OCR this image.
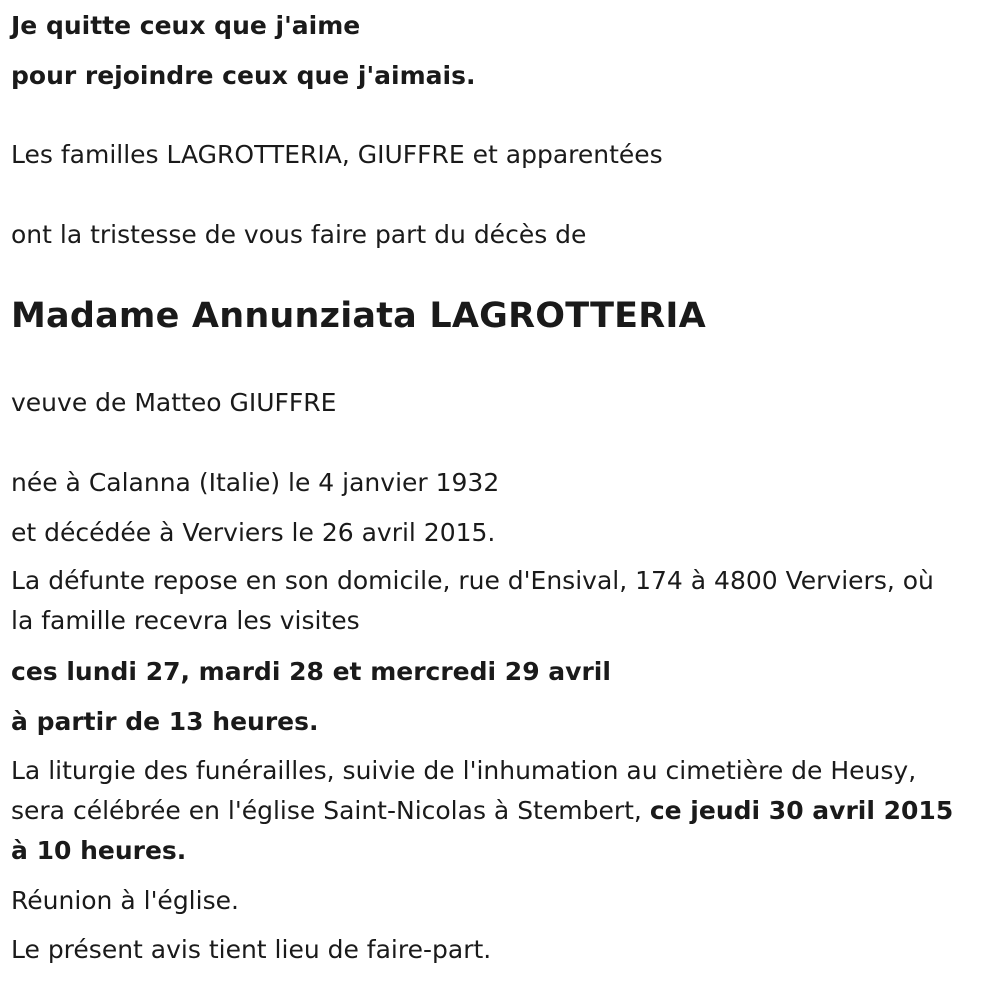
Je quitte ceux que j'aime
pour rejoindre ceux que j'aimais.
Les familles LAGROTTERIA, GIUFFRE et apparentées
ont la tristesse de vous faire part du décès de
Madame Annunziata LAGROTTERIA
veuve de Matteo GIUFFRE
née à Calanna (Italie) le 4 janvier 1932
et décédée à Verviers le 26 avril 2015.
La défunte repose en son domicile, rue d'Ensival, 174 à 4800 Verviers, où
la famille recevra les visites
ces lundi 27, mardi 28 et mercredi 29 avril
à partir de 13 heures.
La liturgie des funérailles, suivie de l'inhumation au cimetière de Heusy,
sera célébrée en l'église Saint-Nicolas à Stembert, ce jeudi 30 avril 2015
à 10 heures.
Réunion à l'église.
Le présent avis tient lieu de faire-part.
